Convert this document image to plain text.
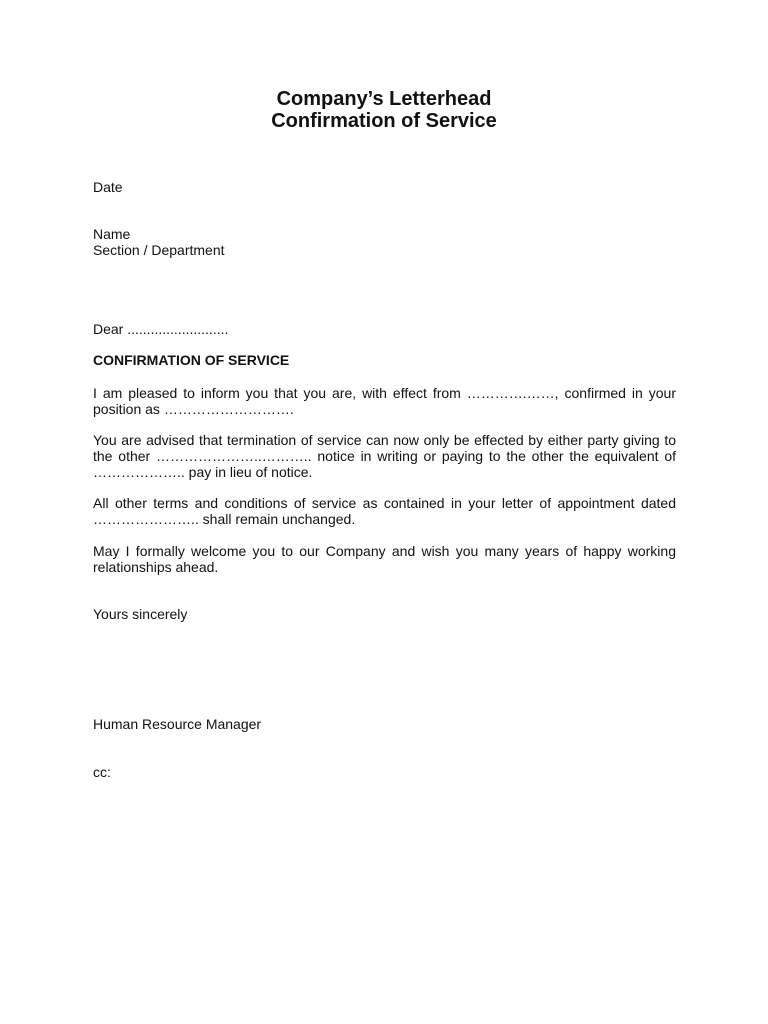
Company’s Letterhead
Confirmation of Service
Date
Name
Section / Department
Dear ..........................
CONFIRMATION OF SERVICE
I am pleased to inform you that you are, with effect from ………….……, confirmed in your position as ……………………….
You are advised that termination of service can now only be effected by either party giving to the other …………………..……….. notice in writing or paying to the other the equivalent of ……………….. pay in lieu of notice.
All other terms and conditions of service as contained in your letter of appointment dated ………………….. shall remain unchanged.
May I formally welcome you to our Company and wish you many years of happy working relationships ahead.
Yours sincerely
Human Resource Manager
cc:
